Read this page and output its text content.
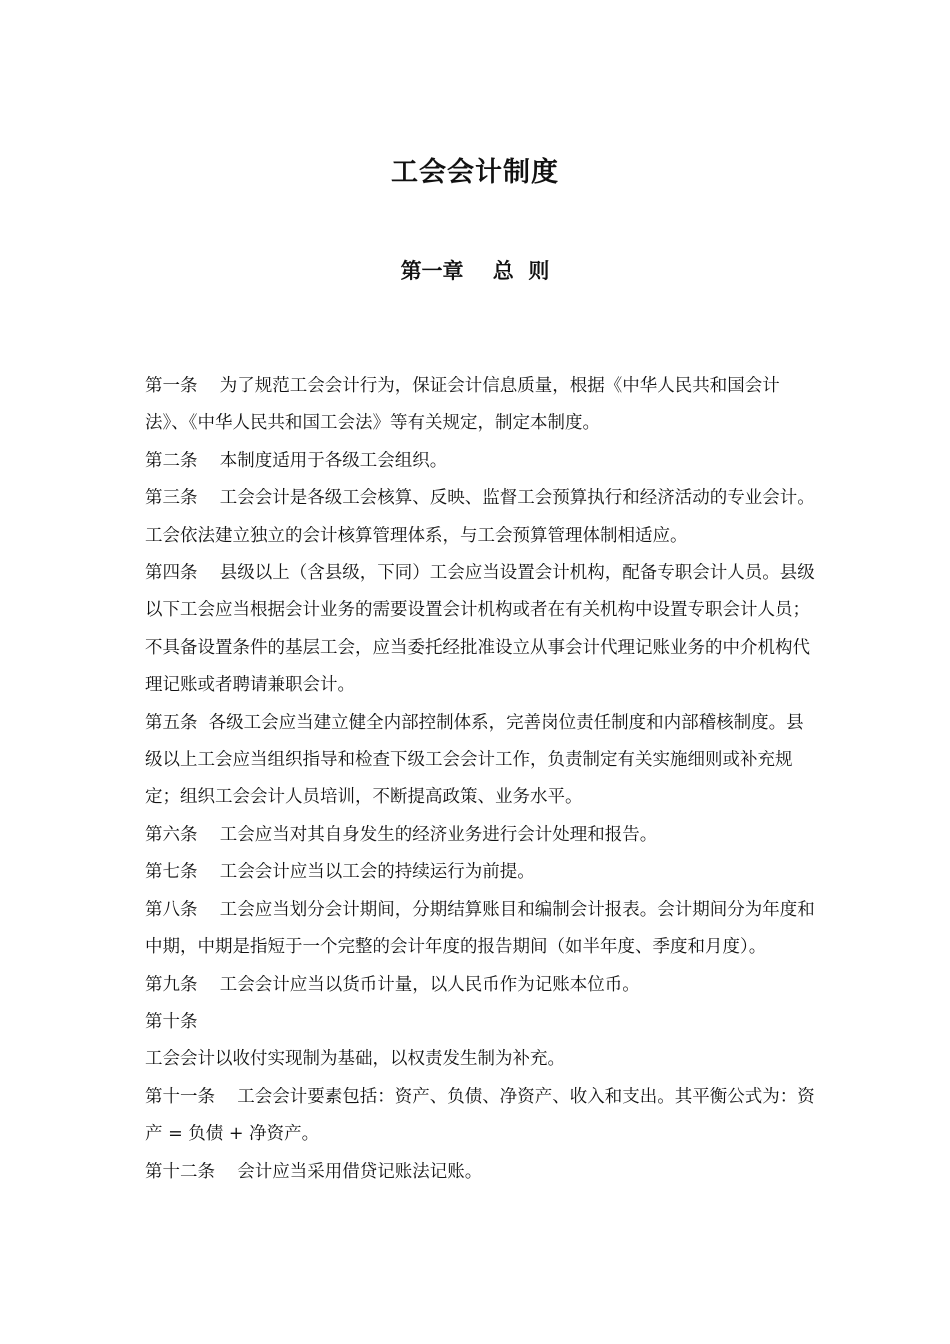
工会会计制度
第一章    总  则

第一条    为了规范工会会计行为，保证会计信息质量，根据《中华人民共和国会计法》、《中华人民共和国工会法》等有关规定，制定本制度。

第二条    本制度适用于各级工会组织。

第三条    工会会计是各级工会核算、反映、监督工会预算执行和经济活动的专业会计。工会依法建立独立的会计核算管理体系，与工会预算管理体制相适应。

第四条    县级以上（含县级，下同）工会应当设置会计机构，配备专职会计人员。县级以下工会应当根据会计业务的需要设置会计机构或者在有关机构中设置专职会计人员；不具备设置条件的基层工会，应当委托经批准设立从事会计代理记账业务的中介机构代理记账或者聘请兼职会计。

第五条  各级工会应当建立健全内部控制体系，完善岗位责任制度和内部稽核制度。县级以上工会应当组织指导和检查下级工会会计工作，负责制定有关实施细则或补充规定；组织工会会计人员培训，不断提高政策、业务水平。

第六条    工会应当对其自身发生的经济业务进行会计处理和报告。

第七条    工会会计应当以工会的持续运行为前提。

第八条    工会应当划分会计期间，分期结算账目和编制会计报表。会计期间分为年度和中期，中期是指短于一个完整的会计年度的报告期间（如半年度、季度和月度）。

第九条    工会会计应当以货币计量，以人民币作为记账本位币。

第十条

工会会计以收付实现制为基础，以权责发生制为补充。

第十一条    工会会计要素包括：资产、负债、净资产、收入和支出。其平衡公式为：资产 = 负债 + 净资产。

第十二条    会计应当采用借贷记账法记账。
